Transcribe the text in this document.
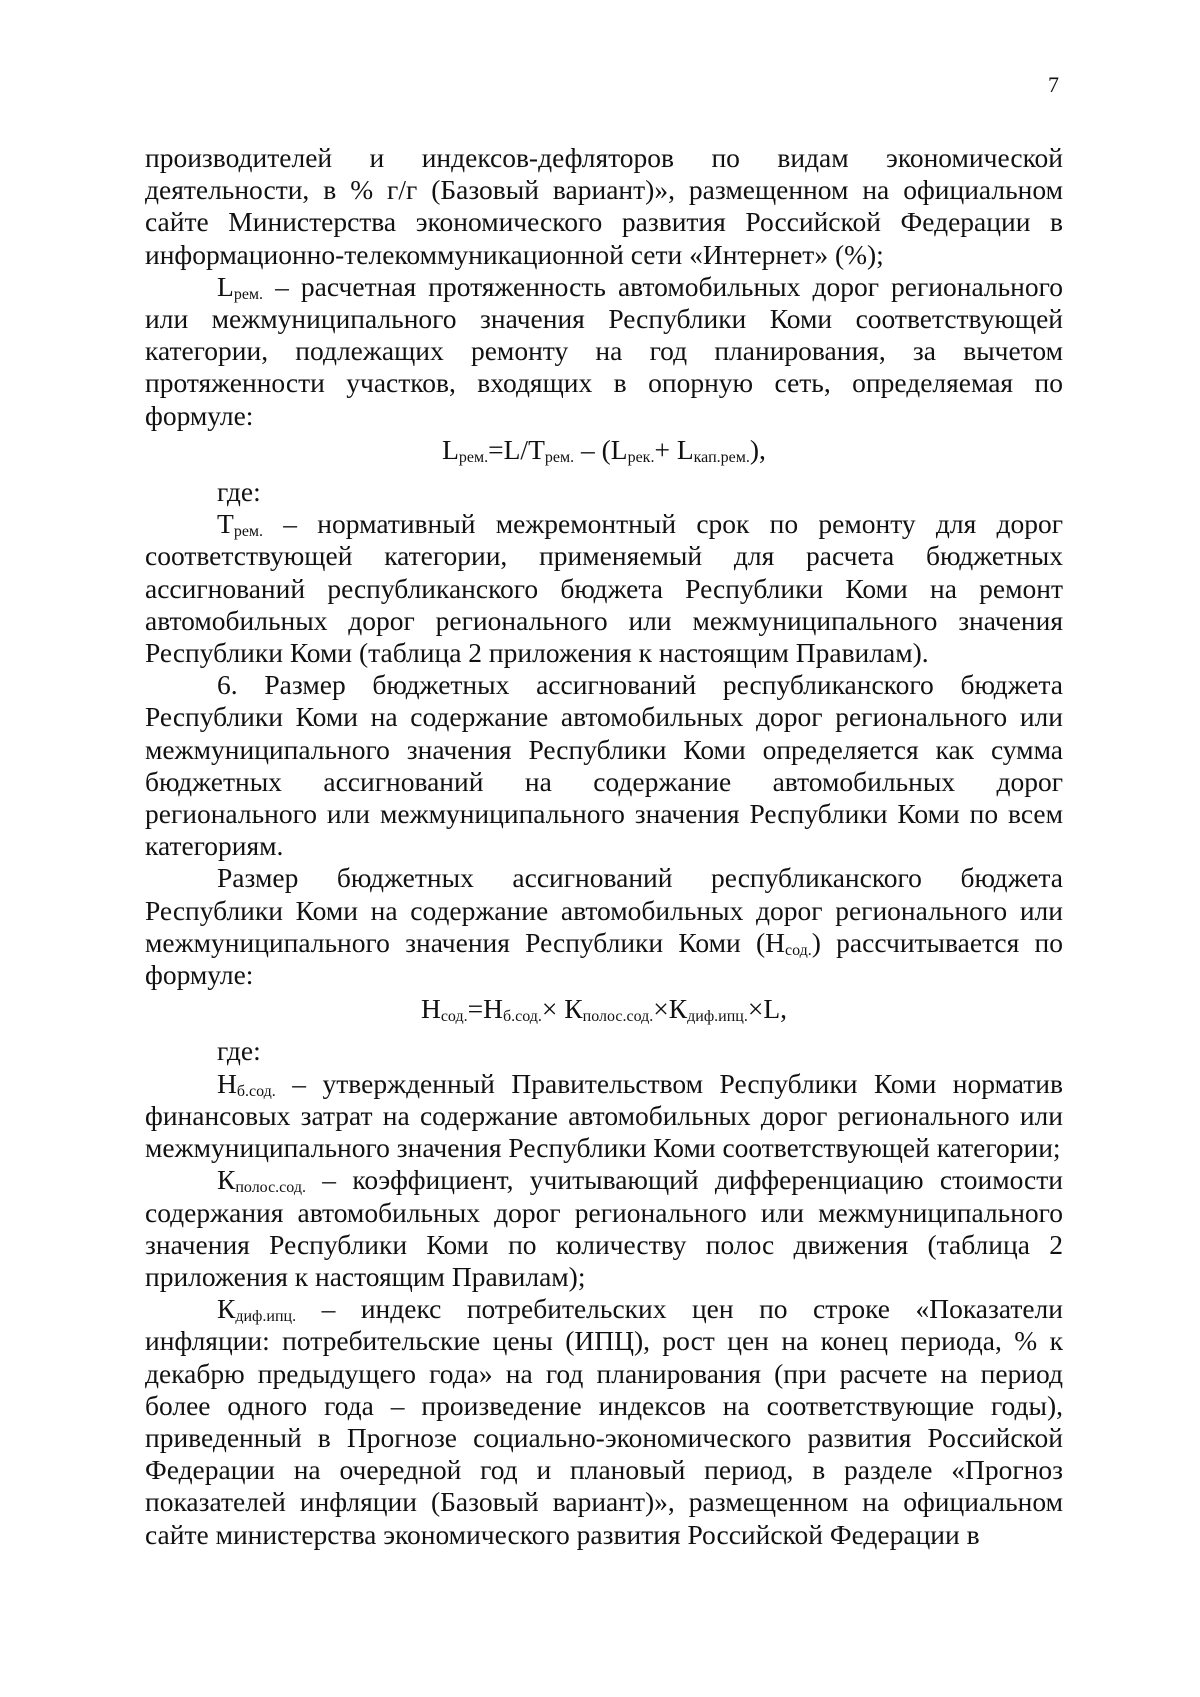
7

производителей и индексов-дефляторов по видам экономической деятельности, в % г/г (Базовый вариант)», размещенном на официальном сайте Министерства экономического развития Российской Федерации в информационно-телекоммуникационной сети «Интернет» (%);

$L_{рем.}$ – расчетная протяженность автомобильных дорог регионального или межмуниципального значения Республики Коми соответствующей категории, подлежащих ремонту на год планирования, за вычетом протяженности участков, входящих в опорную сеть, определяемая по формуле:

$L_{рем.}=L/T_{рем.} - (L_{рек.}+ L_{кап.рем.})$,

где:

$Т_{рем.}$ – нормативный межремонтный срок по ремонту для дорог соответствующей категории, применяемый для расчета бюджетных ассигнований республиканского бюджета Республики Коми на ремонт автомобильных дорог регионального или межмуниципального значения Республики Коми (таблица 2 приложения к настоящим Правилам).

6. Размер бюджетных ассигнований республиканского бюджета Республики Коми на содержание автомобильных дорог регионального или межмуниципального значения Республики Коми определяется как сумма бюджетных ассигнований на содержание автомобильных дорог регионального или межмуниципального значения Республики Коми по всем категориям.

Размер бюджетных ассигнований республиканского бюджета Республики Коми на содержание автомобильных дорог регионального или межмуниципального значения Республики Коми $(Н_{сод.})$ рассчитывается по формуле:

$Н_{сод.}=Н_{б.сод.}\times К_{полос.сод.}\times К_{диф.ипц.}\times L$,

где:

$Н_{б.сод.}$ – утвержденный Правительством Республики Коми норматив финансовых затрат на содержание автомобильных дорог регионального или межмуниципального значения Республики Коми соответствующей категории;

$К_{полос.сод.}$ – коэффициент, учитывающий дифференциацию стоимости содержания автомобильных дорог регионального или межмуниципального значения Республики Коми по количеству полос движения (таблица 2 приложения к настоящим Правилам);

$К_{диф.ипц.}$ – индекс потребительских цен по строке «Показатели инфляции: потребительские цены (ИПЦ), рост цен на конец периода, % к декабрю предыдущего года» на год планирования (при расчете на период более одного года – произведение индексов на соответствующие годы), приведенный в Прогнозе социально-экономического развития Российской Федерации на очередной год и плановый период, в разделе «Прогноз показателей инфляции (Базовый вариант)», размещенном на официальном сайте министерства экономического развития Российской Федерации в
